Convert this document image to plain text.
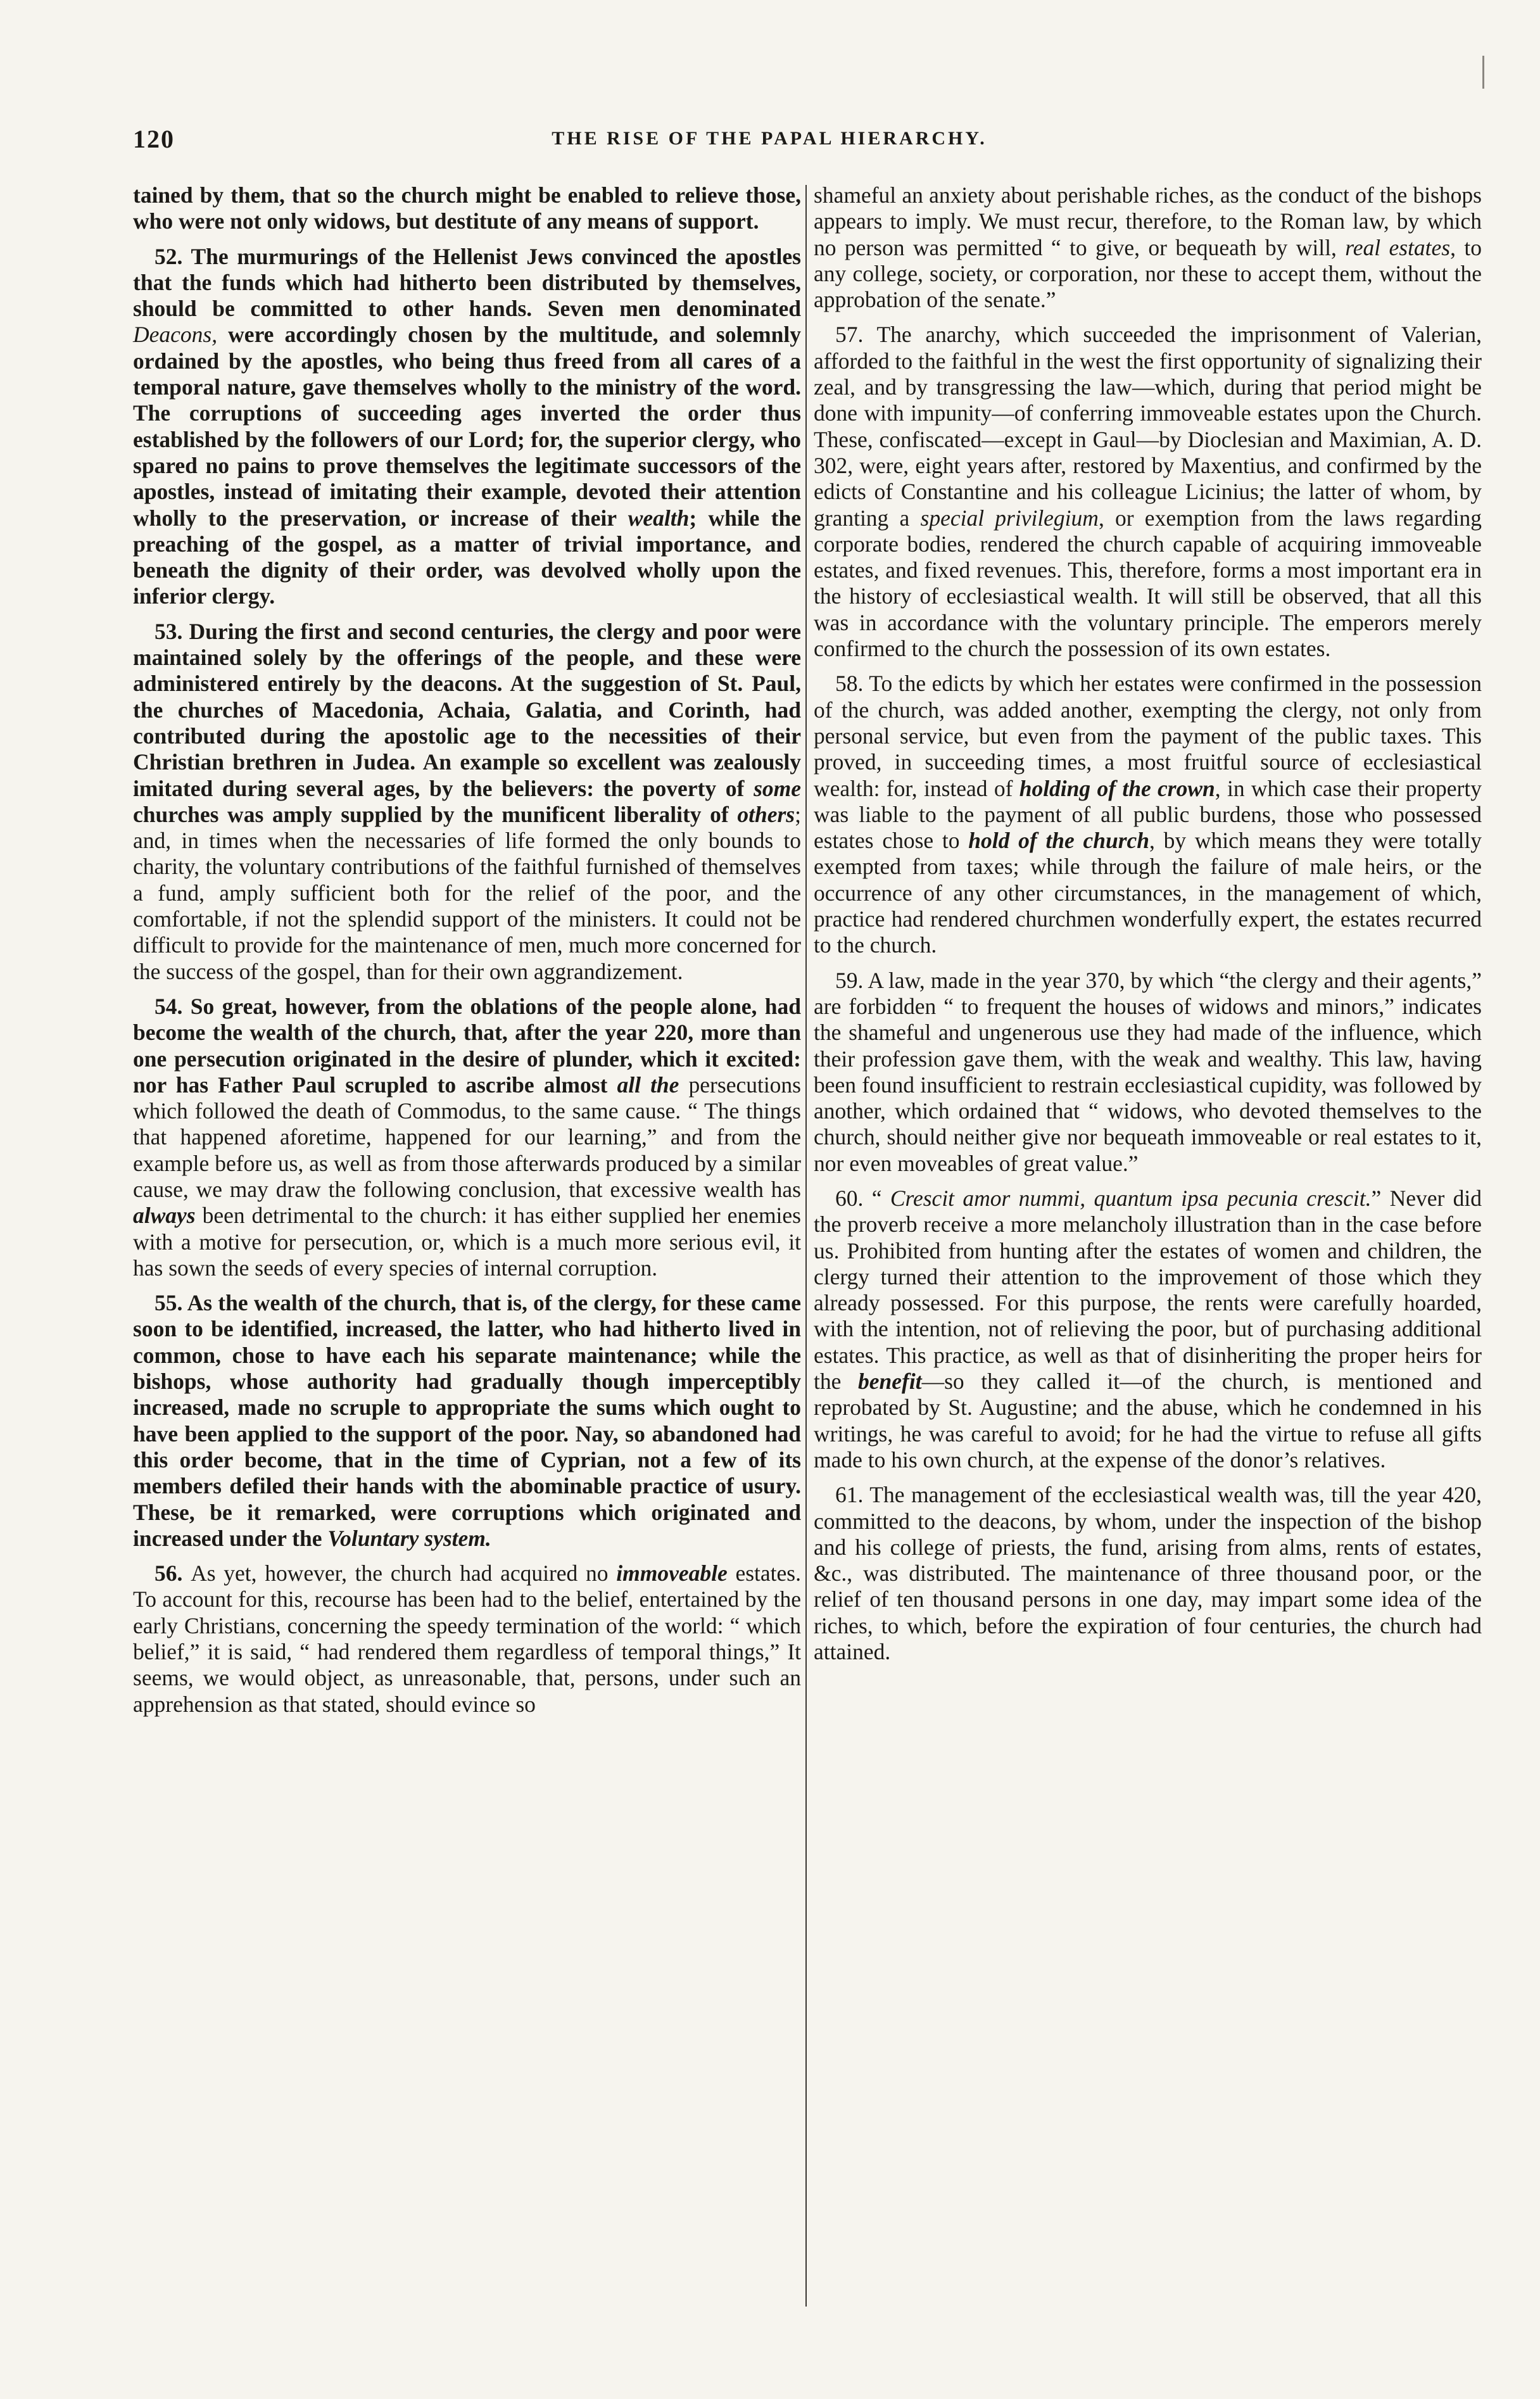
120	THE RISE OF THE PAPAL HIERARCHY.

tained by them, that so the church might be enabled to relieve those, who were not only widows, but destitute of any means of support.

52. The murmurings of the Hellenist Jews convinced the apostles that the funds which had hitherto been distributed by themselves, should be committed to other hands. Seven men denominated Deacons, were accordingly chosen by the multitude, and solemnly ordained by the apostles, who being thus freed from all cares of a temporal nature, gave themselves wholly to the ministry of the word. The corruptions of succeeding ages inverted the order thus established by the followers of our Lord; for, the superior clergy, who spared no pains to prove themselves the legitimate successors of the apostles, instead of imitating their example, devoted their attention wholly to the preservation, or increase of their wealth; while the preaching of the gospel, as a matter of trivial importance, and beneath the dignity of their order, was devolved wholly upon the inferior clergy.

53. During the first and second centuries, the clergy and poor were maintained solely by the offerings of the people, and these were administered entirely by the deacons. At the suggestion of St. Paul, the churches of Macedonia, Achaia, Galatia, and Corinth, had contributed during the apostolic age to the necessities of their Christian brethren in Judea. An example so excellent was zealously imitated during several ages, by the believers: the poverty of some churches was amply supplied by the munificent liberality of others; and, in times when the necessaries of life formed the only bounds to charity, the voluntary contributions of the faithful furnished of themselves a fund, amply sufficient both for the relief of the poor, and the comfortable, if not the splendid support of the ministers. It could not be difficult to provide for the maintenance of men, much more concerned for the success of the gospel, than for their own aggrandizement.

54. So great, however, from the oblations of the people alone, had become the wealth of the church, that, after the year 220, more than one persecution originated in the desire of plunder, which it excited: nor has Father Paul scrupled to ascribe almost all the persecutions which followed the death of Commodus, to the same cause. “ The things that happened aforetime, happened for our learning,” and from the example before us, as well as from those afterwards produced by a similar cause, we may draw the following conclusion, that excessive wealth has always been detrimental to the church: it has either supplied her enemies with a motive for persecution, or, which is a much more serious evil, it has sown the seeds of every species of internal corruption.

55. As the wealth of the church, that is, of the clergy, for these came soon to be identified, increased, the latter, who had hitherto lived in common, chose to have each his separate maintenance; while the bishops, whose authority had gradually though imperceptibly increased, made no scruple to appropriate the sums which ought to have been applied to the support of the poor. Nay, so abandoned had this order become, that in the time of Cyprian, not a few of its members defiled their hands with the abominable practice of usury. These, be it remarked, were corruptions which originated and increased under the Voluntary system.

56. As yet, however, the church had acquired no immoveable estates. To account for this, recourse has been had to the belief, entertained by the early Christians, concerning the speedy termination of the world: “ which belief,” it is said, “ had rendered them regardless of temporal things,” It seems, we would object, as unreasonable, that, persons, under such an apprehension as that stated, should evince so

shameful an anxiety about perishable riches, as the conduct of the bishops appears to imply. We must recur, therefore, to the Roman law, by which no person was permitted “ to give, or bequeath by will, real estates, to any college, society, or corporation, nor these to accept them, without the approbation of the senate.”

57. The anarchy, which succeeded the imprisonment of Valerian, afforded to the faithful in the west the first opportunity of signalizing their zeal, and by transgressing the law—which, during that period might be done with impunity—of conferring immoveable estates upon the Church. These, confiscated—except in Gaul—by Dioclesian and Maximian, A. D. 302, were, eight years after, restored by Maxentius, and confirmed by the edicts of Constantine and his colleague Licinius; the latter of whom, by granting a special privilegium, or exemption from the laws regarding corporate bodies, rendered the church capable of acquiring immoveable estates, and fixed revenues. This, therefore, forms a most important era in the history of ecclesiastical wealth. It will still be observed, that all this was in accordance with the voluntary principle. The emperors merely confirmed to the church the possession of its own estates.

58. To the edicts by which her estates were confirmed in the possession of the church, was added another, exempting the clergy, not only from personal service, but even from the payment of the public taxes. This proved, in succeeding times, a most fruitful source of ecclesiastical wealth: for, instead of holding of the crown, in which case their property was liable to the payment of all public burdens, those who possessed estates chose to hold of the church, by which means they were totally exempted from taxes; while through the failure of male heirs, or the occurrence of any other circumstances, in the management of which, practice had rendered churchmen wonderfully expert, the estates recurred to the church.

59. A law, made in the year 370, by which “the clergy and their agents,” are forbidden “ to frequent the houses of widows and minors,” indicates the shameful and ungenerous use they had made of the influence, which their profession gave them, with the weak and wealthy. This law, having been found insufficient to restrain ecclesiastical cupidity, was followed by another, which ordained that “ widows, who devoted themselves to the church, should neither give nor bequeath immoveable or real estates to it, nor even moveables of great value.”

60. “ Crescit amor nummi, quantum ipsa pecunia crescit.” Never did the proverb receive a more melancholy illustration than in the case before us. Prohibited from hunting after the estates of women and children, the clergy turned their attention to the improvement of those which they already possessed. For this purpose, the rents were carefully hoarded, with the intention, not of relieving the poor, but of purchasing additional estates. This practice, as well as that of disinheriting the proper heirs for the benefit—so they called it—of the church, is mentioned and reprobated by St. Augustine; and the abuse, which he condemned in his writings, he was careful to avoid; for he had the virtue to refuse all gifts made to his own church, at the expense of the donor’s relatives.

61. The management of the ecclesiastical wealth was, till the year 420, committed to the deacons, by whom, under the inspection of the bishop and his college of priests, the fund, arising from alms, rents of estates, &c., was distributed. The maintenance of three thousand poor, or the relief of ten thousand persons in one day, may impart some idea of the riches, to which, before the expiration of four centuries, the church had attained.
